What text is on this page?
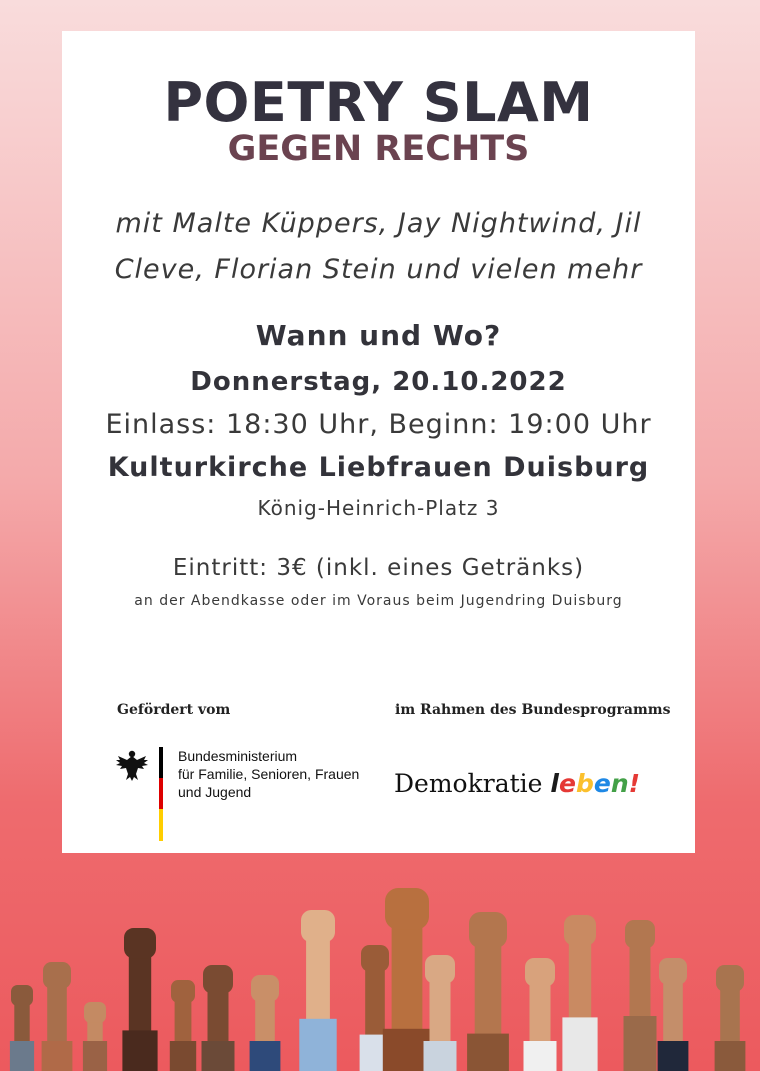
POETRY SLAM
GEGEN RECHTS
mit Malte Küppers, Jay Nightwind, Jil
Cleve, Florian Stein und vielen mehr
Wann und Wo?
Donnerstag, 20.10.2022
Einlass: 18:30 Uhr, Beginn: 19:00 Uhr
Kulturkirche Liebfrauen Duisburg
König-Heinrich-Platz 3
Eintritt: 3€ (inkl. eines Getränks)
an der Abendkasse oder im Voraus beim Jugendring Duisburg
Gefördert vom	im Rahmen des Bundesprogramms
Bundesministerium
für Familie, Senioren, Frauen
und Jugend	Demokratie leben!
